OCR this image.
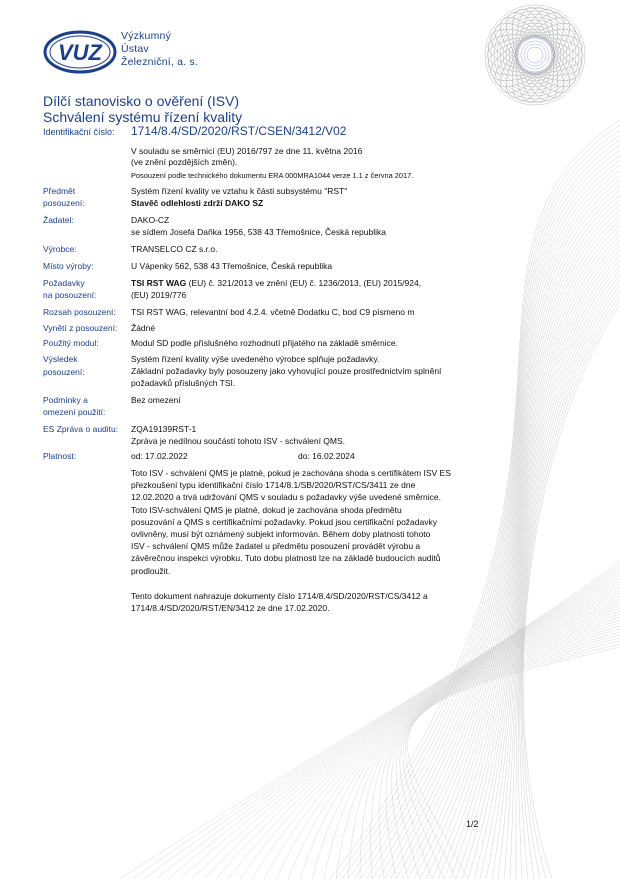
VUZ
Výzkumný
Ústav
Železniční, a. s.
Dílčí stanovisko o ověření (ISV)
Schválení systému řízení kvality
Identifikační číslo: 1714/8.4/SD/2020/RST/CSEN/3412/V02
V souladu se směrnicí (EU) 2016/797 ze dne 11. května 2016
(ve znění pozdějších změn).
Posouzení podle technického dokumentu ERA 000MRA1044 verze 1.1 z června 2017.
Předmět
posouzení:
Systém řízení kvality ve vztahu k části subsystému "RST"
Stavěč odlehlosti zdrží DAKO SZ
Žadatel:	DAKO-CZ
se sídlem Josefa Daňka 1956, 538 43 Třemošnice, Česká republika
Výrobce:	TRANSELCO CZ s.r.o.
Místo výroby:	U Vápenky 562, 538 43 Třemošnice, Česká republika
Požadavky
na posouzení:
TSI RST WAG (EU) č. 321/2013 ve znění (EU) č. 1236/2013, (EU) 2015/924,
(EU) 2019/776
Rozsah posouzení: TSI RST WAG, relevantní bod 4.2.4. včetně Dodatku C, bod C9 písmeno m
Vynětí z posouzení: Žádné
Použitý modul:	Modul SD podle příslušného rozhodnutí přijatého na základě směrnice.
Výsledek
posouzení:
Systém řízení kvality výše uvedeného výrobce splňuje požadavky.
Základní požadavky byly posouzeny jako vyhovující pouze prostřednictvím splnění
požadavků příslušných TSI.
Podmínky a
omezení použití:
Bez omezení
ES Zpráva o auditu: ZQA19139RST-1
Zpráva je nedílnou součástí tohoto ISV - schválení QMS.
Platnost:	od: 17.02.2022	do: 16.02.2024
Toto ISV - schválení QMS je platné, pokud je zachována shoda s certifikátem ISV ES
přezkoušení typu identifikační číslo 1714/8.1/SB/2020/RST/CS/3411 ze dne
12.02.2020 a trvá udržování QMS v souladu s požadavky výše uvedené směrnice.
Toto ISV-schválení QMS je platné, dokud je zachována shoda předmětu
posuzování a QMS s certifikačními požadavky. Pokud jsou certifikační požadavky
ovlivněny, musí být oznámený subjekt informován. Během doby platnosti tohoto
ISV - schválení QMS může žadatel u předmětu posouzení provádět výrobu a
závěrečnou inspekci výrobku. Tuto dobu platnosti lze na základě budoucích auditů
prodloužit.
Tento dokument nahrazuje dokumenty číslo 1714/8.4/SD/2020/RST/CS/3412 a
1714/8.4/SD/2020/RST/EN/3412 ze dne 17.02.2020.
1/2
